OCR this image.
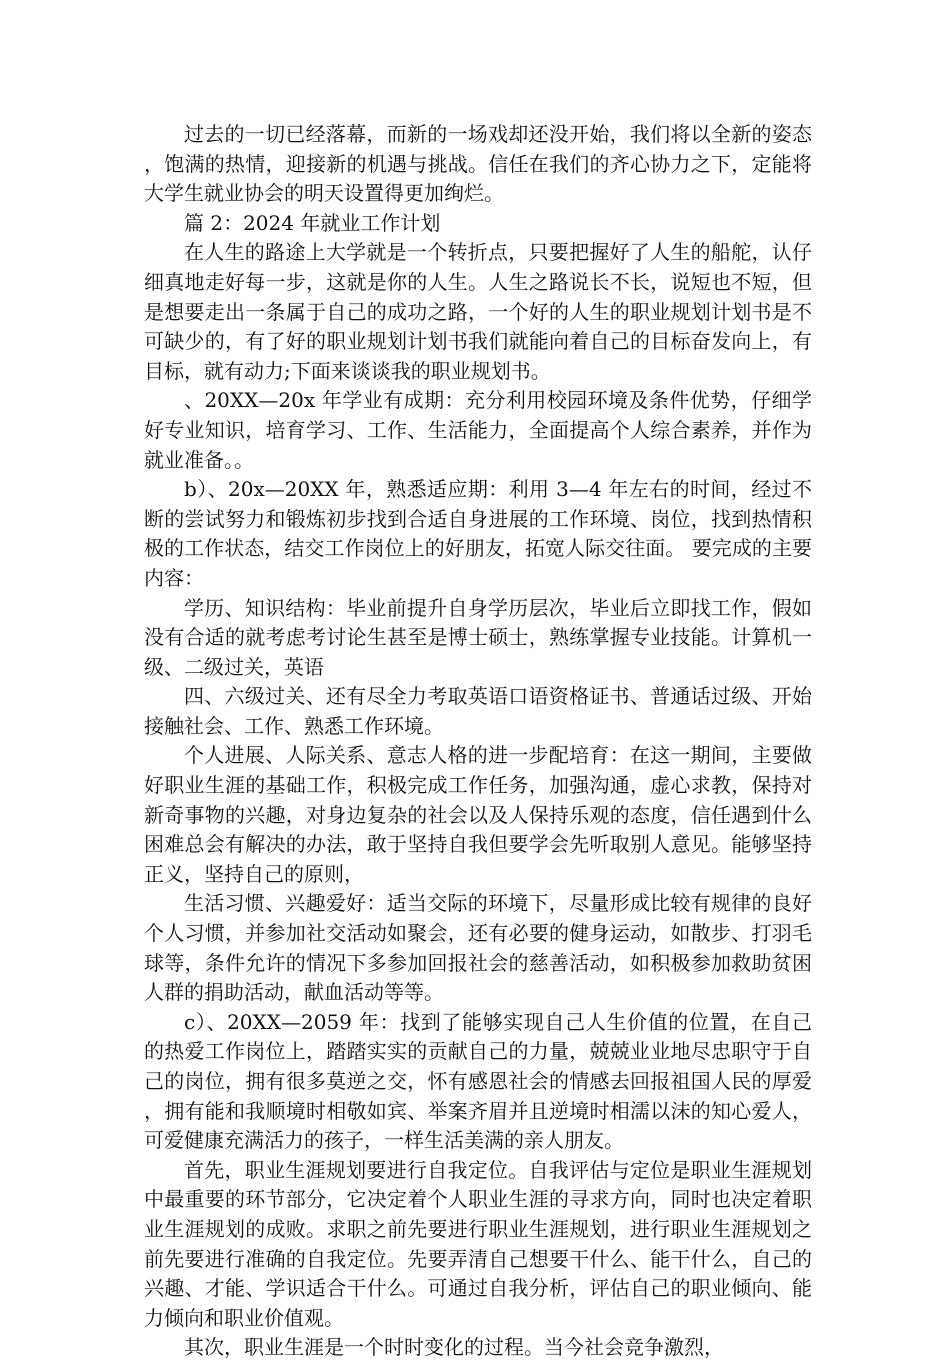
过去的一切已经落幕，而新的一场戏却还没开始，我们将以全新的姿态，饱满的热情，迎接新的机遇与挑战。信任在我们的齐心协力之下，定能将大学生就业协会的明天设置得更加绚烂。

篇 2：2024 年就业工作计划

在人生的路途上大学就是一个转折点，只要把握好了人生的船舵，认仔细真地走好每一步，这就是你的人生。人生之路说长不长，说短也不短，但是想要走出一条属于自己的成功之路，一个好的人生的职业规划计划书是不可缺少的，有了好的职业规划计划书我们就能向着自己的目标奋发向上，有目标，就有动力;下面来谈谈我的职业规划书。

、20XX—20x 年学业有成期：充分利用校园环境及条件优势，仔细学好专业知识，培育学习、工作、生活能力，全面提高个人综合素养，并作为就业准备。。

b）、20x—20XX 年，熟悉适应期：利用 3—4 年左右的时间，经过不断的尝试努力和锻炼初步找到合适自身进展的工作环境、岗位，找到热情积极的工作状态，结交工作岗位上的好朋友，拓宽人际交往面。 要完成的主要内容：

学历、知识结构：毕业前提升自身学历层次，毕业后立即找工作，假如没有合适的就考虑考讨论生甚至是博士硕士，熟练掌握专业技能。计算机一级、二级过关，英语

四、六级过关、还有尽全力考取英语口语资格证书、普通话过级、开始接触社会、工作、熟悉工作环境。

个人进展、人际关系、意志人格的进一步配培育：在这一期间，主要做好职业生涯的基础工作，积极完成工作任务，加强沟通，虚心求教，保持对新奇事物的兴趣，对身边复杂的社会以及人保持乐观的态度，信任遇到什么困难总会有解决的办法，敢于坚持自我但要学会先听取别人意见。能够坚持正义，坚持自己的原则，

生活习惯、兴趣爱好：适当交际的环境下，尽量形成比较有规律的良好个人习惯，并参加社交活动如聚会，还有必要的健身运动，如散步、打羽毛球等，条件允许的情况下多参加回报社会的慈善活动，如积极参加救助贫困人群的捐助活动，献血活动等等。

c）、20XX—2059 年：找到了能够实现自己人生价值的位置，在自己的热爱工作岗位上，踏踏实实的贡献自己的力量，兢兢业业地尽忠职守于自己的岗位，拥有很多莫逆之交，怀有感恩社会的情感去回报祖国人民的厚爱，拥有能和我顺境时相敬如宾、举案齐眉并且逆境时相濡以沫的知心爱人，可爱健康充满活力的孩子，一样生活美满的亲人朋友。

首先，职业生涯规划要进行自我定位。自我评估与定位是职业生涯规划中最重要的环节部分，它决定着个人职业生涯的寻求方向，同时也决定着职业生涯规划的成败。求职之前先要进行职业生涯规划，进行职业生涯规划之前先要进行准确的自我定位。先要弄清自己想要干什么、能干什么，自己的兴趣、才能、学识适合干什么。可通过自我分析，评估自己的职业倾向、能力倾向和职业价值观。

其次，职业生涯是一个时时变化的过程。当今社会竞争激烈，
